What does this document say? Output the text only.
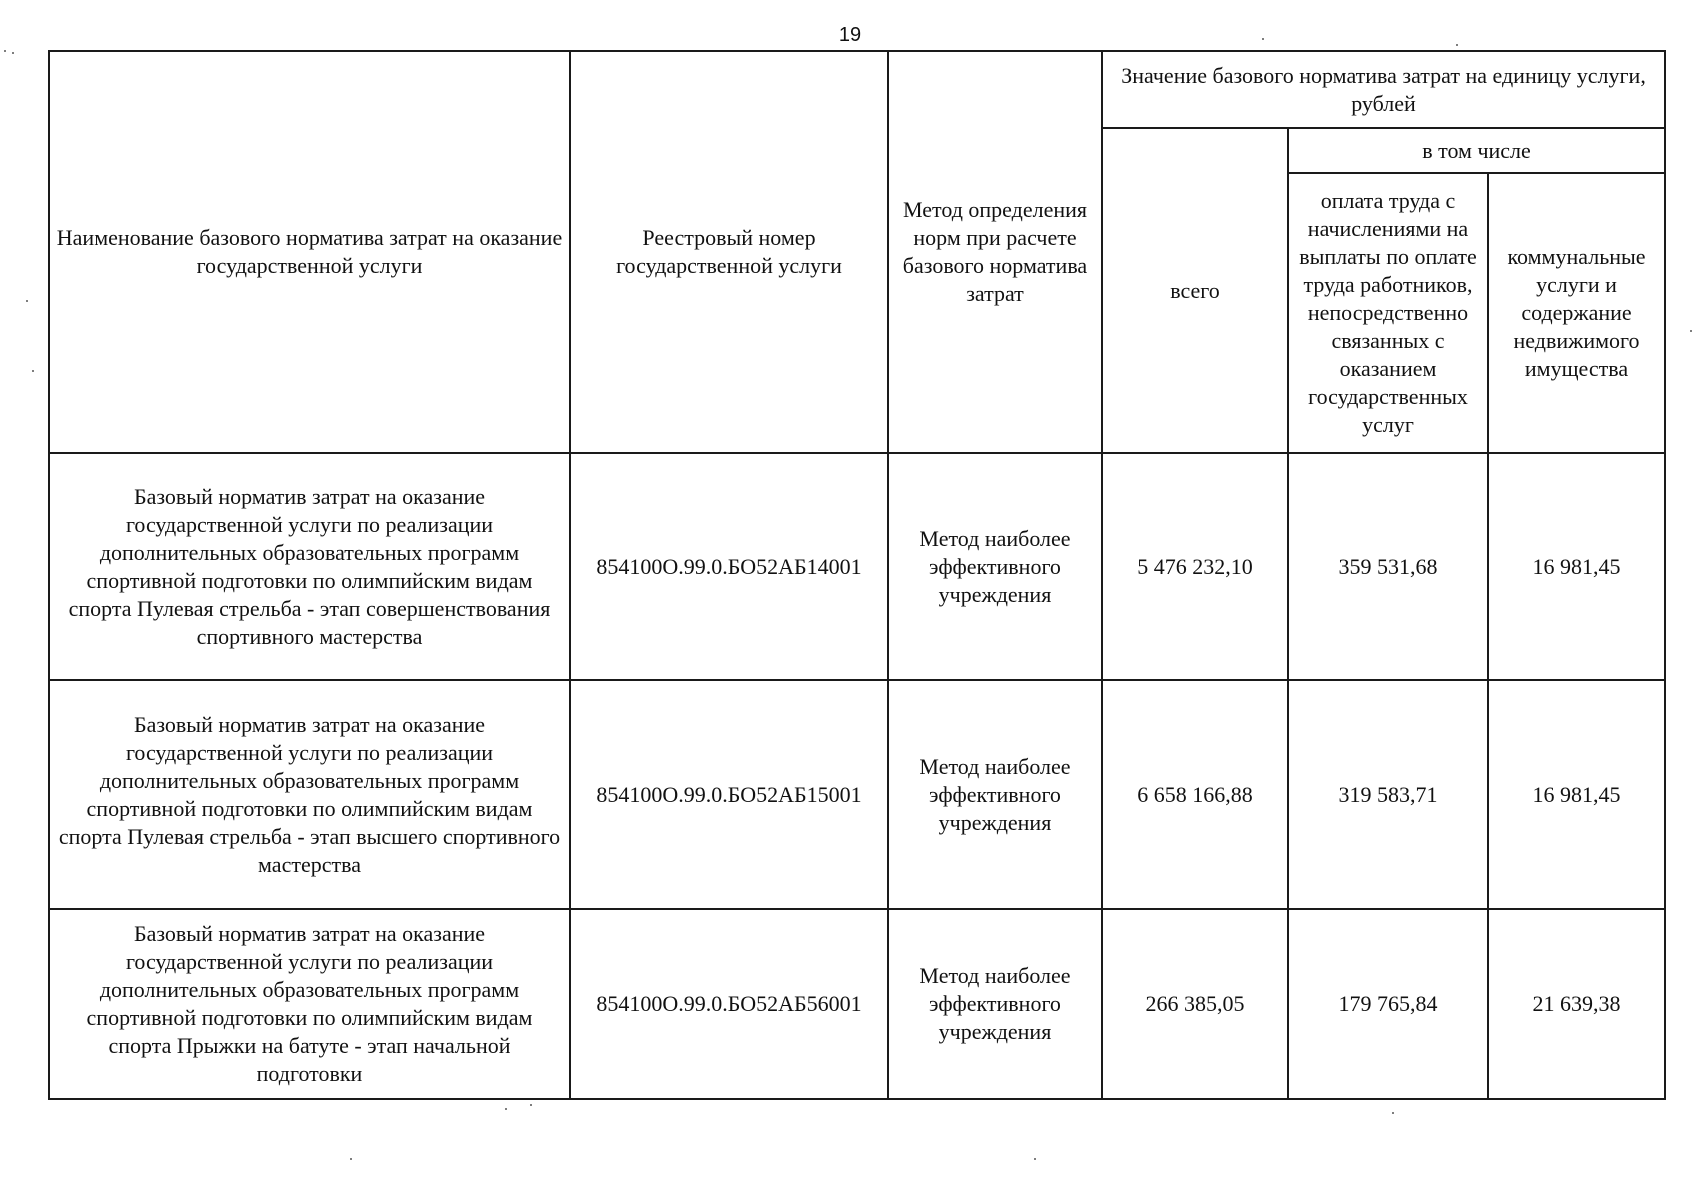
19
Наименование базового норматива затрат на оказание государственной услуги	Реестровый номер государственной услуги	Метод определения норм при расчете базового норматива затрат	Значение базового норматива затрат на единицу услуги, рублей		
			всего	в том числе	
				оплата труда с начислениями на выплаты по оплате труда работников, непосредственно связанных с оказанием государственных услуг	коммунальные услуги и содержание недвижимого имущества
Базовый норматив затрат на оказание государственной услуги по реализации дополнительных образовательных программ спортивной подготовки по олимпийским видам спорта Пулевая стрельба - этап совершенствования спортивного мастерства	854100О.99.0.БО52АБ14001	Метод наиболее эффективного учреждения	5 476 232,10	359 531,68	16 981,45
Базовый норматив затрат на оказание государственной услуги по реализации дополнительных образовательных программ спортивной подготовки по олимпийским видам спорта Пулевая стрельба - этап высшего спортивного мастерства	854100О.99.0.БО52АБ15001	Метод наиболее эффективного учреждения	6 658 166,88	319 583,71	16 981,45
Базовый норматив затрат на оказание государственной услуги по реализации дополнительных образовательных программ спортивной подготовки по олимпийским видам спорта Прыжки на батуте - этап начальной подготовки	854100О.99.0.БО52АБ56001	Метод наиболее эффективного учреждения	266 385,05	179 765,84	21 639,38
